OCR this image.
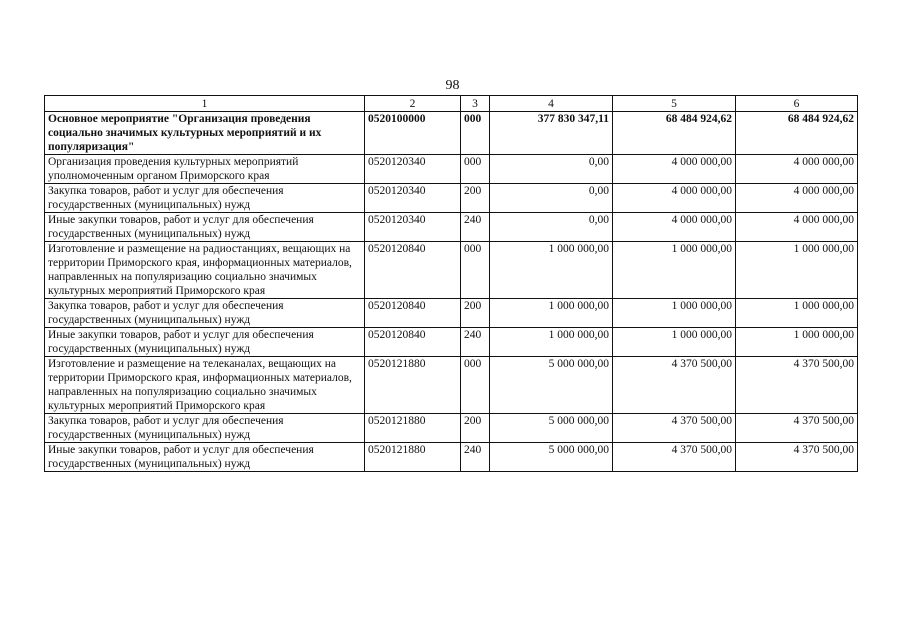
98
1	2	3	4	5	6
Основное мероприятие "Организация проведения социально значимых культурных мероприятий и их популяризация"	0520100000	000	377 830 347,11	68 484 924,62	68 484 924,62
Организация проведения культурных мероприятий уполномоченным органом Приморского края	0520120340	000	0,00	4 000 000,00	4 000 000,00
Закупка товаров, работ и услуг для обеспечения государственных (муниципальных) нужд	0520120340	200	0,00	4 000 000,00	4 000 000,00
Иные закупки товаров, работ и услуг для обеспечения государственных (муниципальных) нужд	0520120340	240	0,00	4 000 000,00	4 000 000,00
Изготовление и размещение на радиостанциях, вещающих на территории Приморского края, информационных материалов, направленных на популяризацию социально значимых культурных мероприятий Приморского края	0520120840	000	1 000 000,00	1 000 000,00	1 000 000,00
Закупка товаров, работ и услуг для обеспечения государственных (муниципальных) нужд	0520120840	200	1 000 000,00	1 000 000,00	1 000 000,00
Иные закупки товаров, работ и услуг для обеспечения государственных (муниципальных) нужд	0520120840	240	1 000 000,00	1 000 000,00	1 000 000,00
Изготовление и размещение на телеканалах, вещающих на территории Приморского края, информационных материалов, направленных на популяризацию социально значимых культурных мероприятий Приморского края	0520121880	000	5 000 000,00	4 370 500,00	4 370 500,00
Закупка товаров, работ и услуг для обеспечения государственных (муниципальных) нужд	0520121880	200	5 000 000,00	4 370 500,00	4 370 500,00
Иные закупки товаров, работ и услуг для обеспечения государственных (муниципальных) нужд	0520121880	240	5 000 000,00	4 370 500,00	4 370 500,00
